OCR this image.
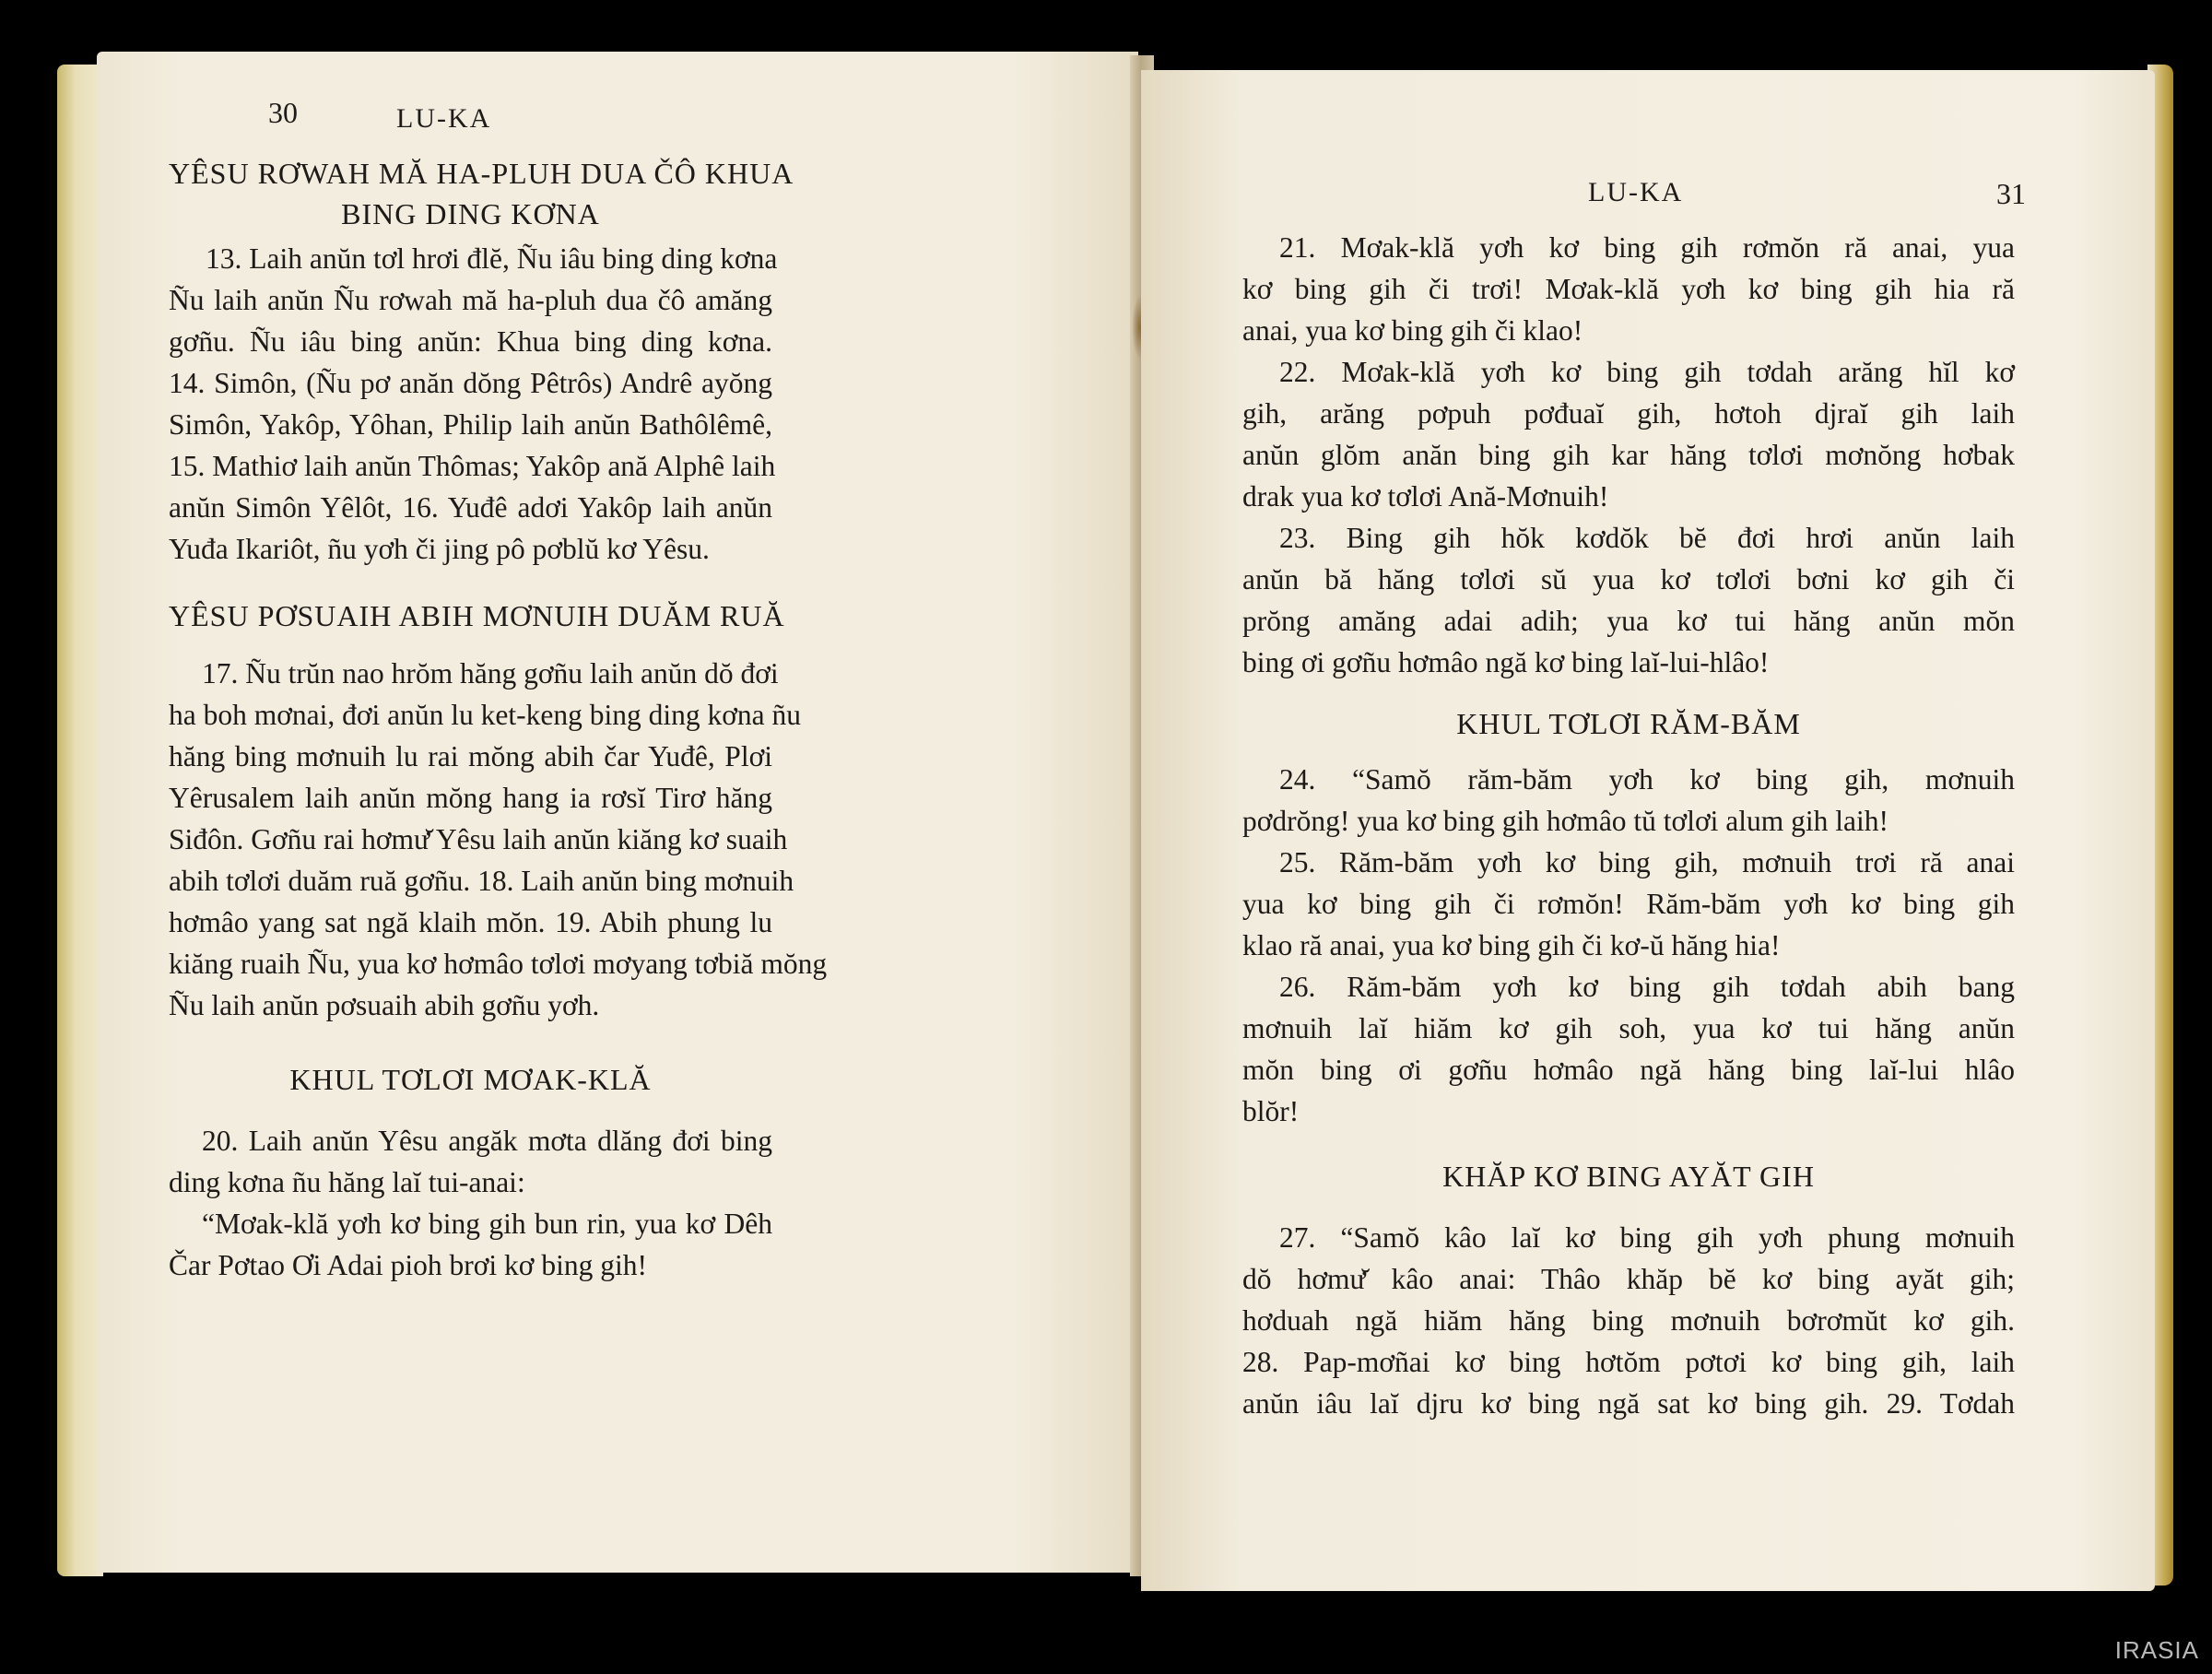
30	LU-KA
YÊSU RƠWAH MĂ HA-PLUH DUA ČÔ KHUA
BING DING KƠNA
13. Laih anŭn tơl hrơi đlĕ, Ñu iâu bing ding kơna
Ñu laih anŭn Ñu rơwah mă ha-pluh dua čô amăng
gơñu. Ñu iâu bing anŭn: Khua bing ding kơna.
14. Simôn, (Ñu pơ anăn dŏng Pêtrôs) Andrê ayŏng
Simôn, Yakôp, Yôhan, Philip laih anŭn Bathôlêmê,
15. Mathiơ laih anŭn Thômas; Yakôp ană Alphê laih
anŭn Simôn Yêlôt, 16. Yuđê adơi Yakôp laih anŭn
Yuđa Ikariôt, ñu yơh či jing pô pơblŭ kơ Yêsu.
YÊSU PƠSUAIH ABIH MƠNUIH DUĂM RUĂ
17. Ñu trŭn nao hrŏm hăng gơñu laih anŭn dŏ đơi
ha boh mơnai, đơi anŭn lu ket-keng bing ding kơna ñu
hăng bing mơnuih lu rai mŏng abih čar Yuđê, Plơi
Yêrusalem laih anŭn mŏng hang ia rơsĭ Tirơ hăng
Siđôn. Gơñu rai hơmư̆ Yêsu laih anŭn kiăng kơ suaih
abih tơlơi duăm ruă gơñu. 18. Laih anŭn bing mơnuih
hơmâo yang sat ngă klaih mŏn. 19. Abih phung lu
kiăng ruaih Ñu, yua kơ hơmâo tơlơi mơyang tơbiă mŏng
Ñu laih anŭn pơsuaih abih gơñu yơh.
KHUL TƠLƠI MƠAK-KLĂ
20. Laih anŭn Yêsu angăk mơta dlăng đơi bing
ding kơna ñu hăng laĭ tui-anai:
“Mơak-klă yơh kơ bing gih bun rin, yua kơ Dêh
Čar Pơtao Ơi Adai pioh brơi kơ bing gih!
LU-KA	31
21. Mơak-klă yơh kơ bing gih rơmŏn ră anai, yua
kơ bing gih či trơi! Mơak-klă yơh kơ bing gih hia ră
anai, yua kơ bing gih či klao!
22. Mơak-klă yơh kơ bing gih tơdah arăng hĭl kơ
gih, arăng pơpuh pơđuaĭ gih, hơtoh djraĭ gih laih
anŭn glŏm anăn bing gih kar hăng tơlơi mơnŏng hơbak
drak yua kơ tơlơi Ană-Mơnuih!
23. Bing gih hŏk kơdŏk bĕ đơi hrơi anŭn laih
anŭn bă hăng tơlơi sŭ yua kơ tơlơi bơni kơ gih či
prŏng amăng adai adih; yua kơ tui hăng anŭn mŏn
bing ơi gơñu hơmâo ngă kơ bing laĭ-lui-hlâo!
KHUL TƠLƠI RĂM-BĂM
24. “Samŏ răm-băm yơh kơ bing gih, mơnuih
pơdrŏng! yua kơ bing gih hơmâo tŭ tơlơi alum gih laih!
25. Răm-băm yơh kơ bing gih, mơnuih trơi ră anai
yua kơ bing gih či rơmŏn! Răm-băm yơh kơ bing gih
klao ră anai, yua kơ bing gih či kơ-ŭ hăng hia!
26. Răm-băm yơh kơ bing gih tơdah abih bang
mơnuih laĭ hiăm kơ gih soh, yua kơ tui hăng anŭn
mŏn bing ơi gơñu hơmâo ngă hăng bing laĭ-lui hlâo
blŏr!
KHĂP KƠ BING AYĂT GIH
27. “Samŏ kâo laĭ kơ bing gih yơh phung mơnuih
dŏ hơmư̆ kâo anai: Thâo khăp bĕ kơ bing ayăt gih;
hơduah ngă hiăm hăng bing mơnuih bơrơmŭt kơ gih.
28. Pap-mơñai kơ bing hơtŏm pơtơi kơ bing gih, laih
anŭn iâu laĭ djru kơ bing ngă sat kơ bing gih. 29. Tơdah
IRASIA
